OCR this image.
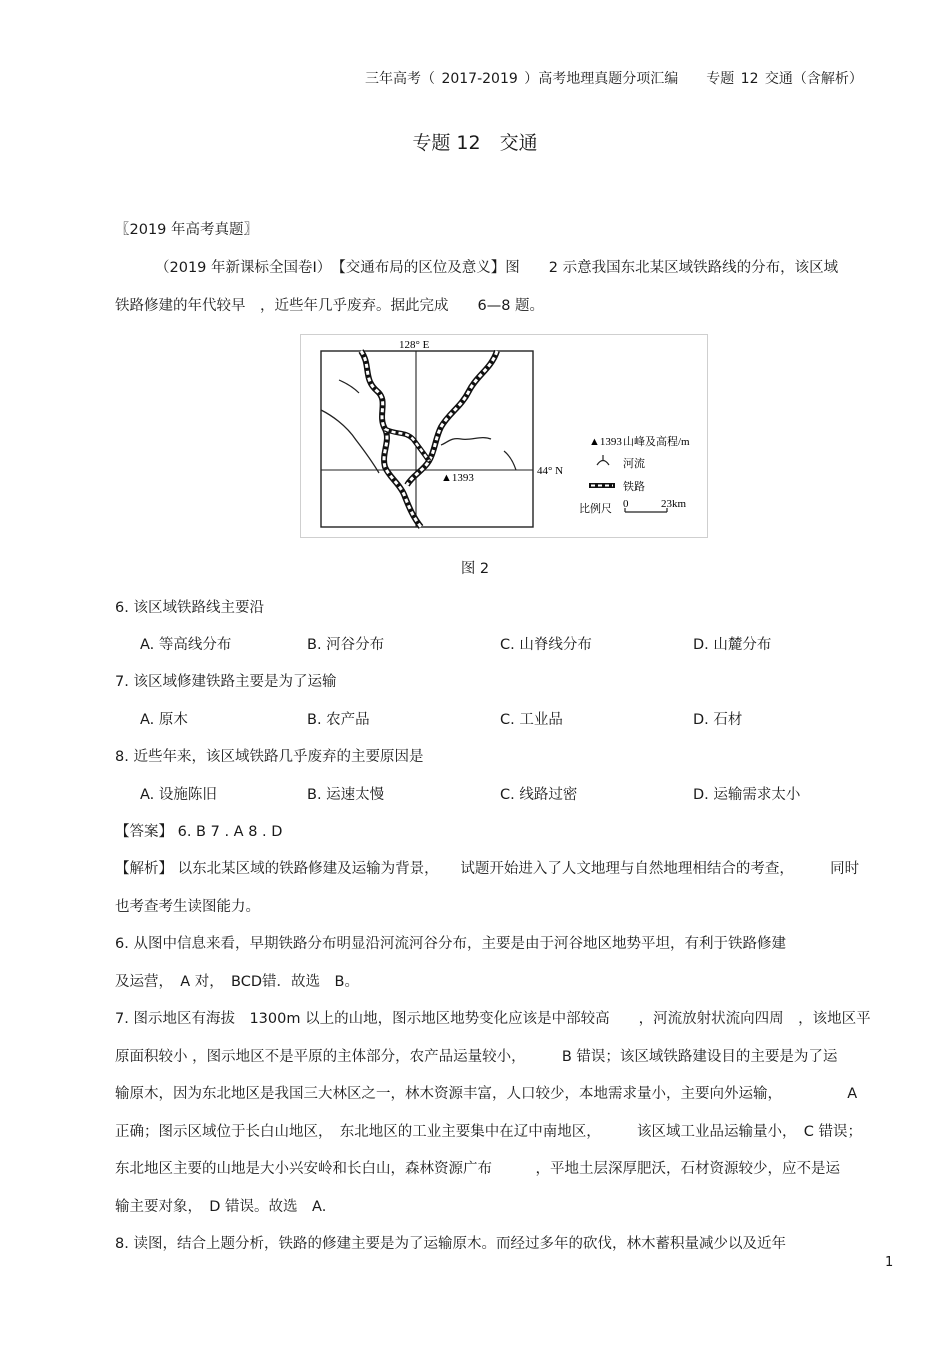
三年高考（ 2017-2019 ）高考地理真题分项汇编　　专题 12 交通（含解析）
专题 12　交通
〖2019 年高考真题〗
（2019 年新课标全国卷Ⅰ）　【交通布局的区位及意义】图　　2 示意我国东北某区域铁路线的分布，该区域
铁路修建的年代较早　，近些年几乎废弃。据此完成　　6—8 题。
128° E
44° N
▲1393
▲1393 山峰及高程/m
河流
铁路
比例尺 0	23km
图 2
6. 该区域铁路线主要沿
A. 等高线分布	B. 河谷分布	C. 山脊线分布	D. 山麓分布
7. 该区域修建铁路主要是为了运输
A. 原木	B. 农产品	C. 工业品	D. 石材
8. 近些年来，该区域铁路几乎废弃的主要原因是
A. 设施陈旧	B. 运速太慢	C. 线路过密	D. 运输需求太小
【答案】 6. B 7 . A 8 . D
【解析】 以东北某区域的铁路修建及运输为背景，　　试题开始进入了人文地理与自然地理相结合的考查，　　　同时
也考查考生读图能力。
6. 从图中信息来看，早期铁路分布明显沿河流河谷分布，主要是由于河谷地区地势平坦，有利于铁路修建
及运营，　A 对，　BCD错．故选　B。
7. 图示地区有海拔　1300m 以上的山地，图示地区地势变化应该是中部较高　　，河流放射状流向四周　，该地区平
原面积较小 ，图示地区不是平原的主体部分，农产品运量较小，　　　B 错误；该区域铁路建设目的主要是为了运
输原木，因为东北地区是我国三大林区之一，林木资源丰富，人口较少，本地需求量小，主要向外运输，　　　　　A
正确；图示区域位于长白山地区，　东北地区的工业主要集中在辽中南地区，　　　该区域工业品运输量小，　C 错误；
东北地区主要的山地是大小兴安岭和长白山，森林资源广布　　　，平地土层深厚肥沃，石材资源较少，应不是运
输主要对象，　D 错误。故选　A.
8. 读图，结合上题分析，铁路的修建主要是为了运输原木。而经过多年的砍伐，林木蓄积量减少以及近年
1
